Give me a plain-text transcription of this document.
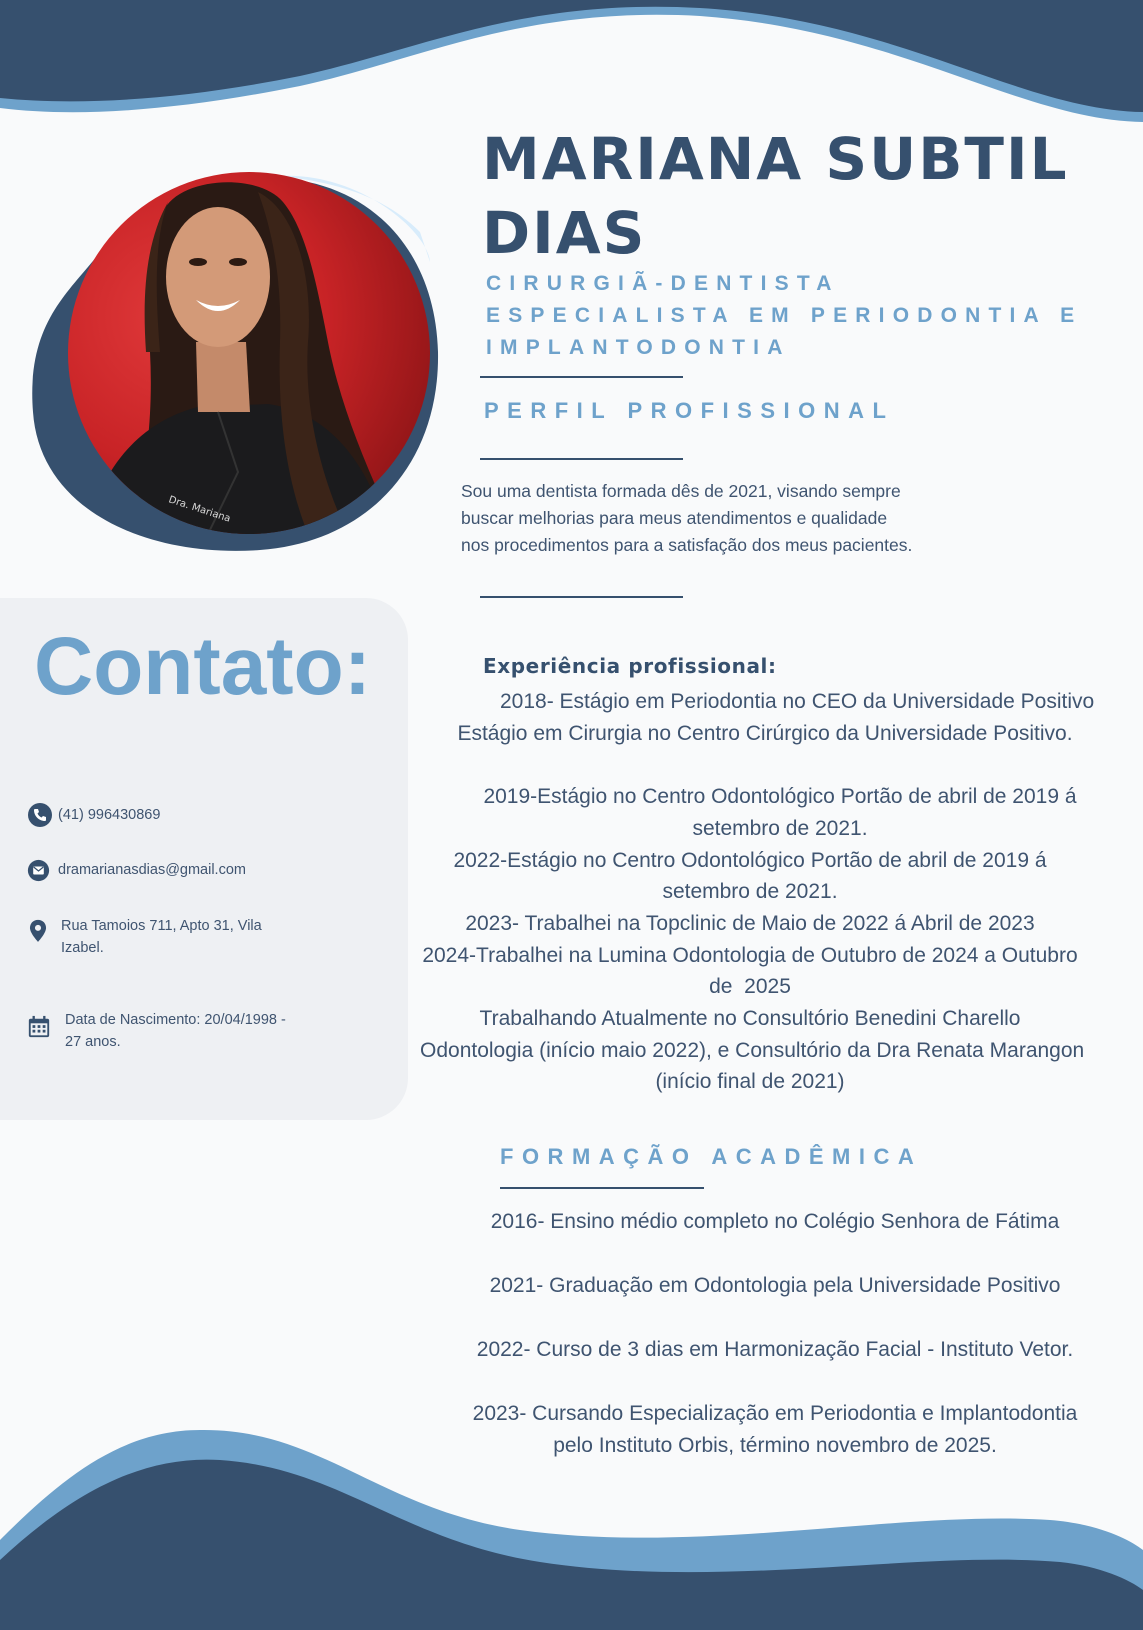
Dra. Mariana
MARIANA SUBTIL
DIAS
CIRURGIÃ-DENTISTA
ESPECIALISTA EM PERIODONTIA E
IMPLANTODONTIA
PERFIL PROFISSIONAL
Sou uma dentista formada dês de 2021, visando sempre
buscar melhorias para meus atendimentos e qualidade
nos procedimentos para a satisfação dos meus pacientes.
Contato:
(41) 996430869
dramarianasdias@gmail.com
Rua Tamoios 711, Apto 31, Vila
Izabel.
Data de Nascimento: 20/04/1998 -
27 anos.
Experiência profissional:
2018- Estágio em Periodontia no CEO da Universidade Positivo
Estágio em Cirurgia no Centro Cirúrgico da Universidade Positivo.

2019-Estágio no Centro Odontológico Portão de abril de 2019 á
setembro de 2021.
2022-Estágio no Centro Odontológico Portão de abril de 2019 á
setembro de 2021.
2023- Trabalhei na Topclinic de Maio de 2022 á Abril de 2023
2024-Trabalhei na Lumina Odontologia de Outubro de 2024 a Outubro
de  2025
Trabalhando Atualmente no Consultório Benedini Charello
Odontologia (início maio 2022), e Consultório da Dra Renata Marangon
(início final de 2021)
FORMAÇÃO ACADÊMICA
2016- Ensino médio completo no Colégio Senhora de Fátima

2021- Graduação em Odontologia pela Universidade Positivo

2022- Curso de 3 dias em Harmonização Facial - Instituto Vetor.

2023- Cursando Especialização em Periodontia e Implantodontia
pelo Instituto Orbis, término novembro de 2025.
